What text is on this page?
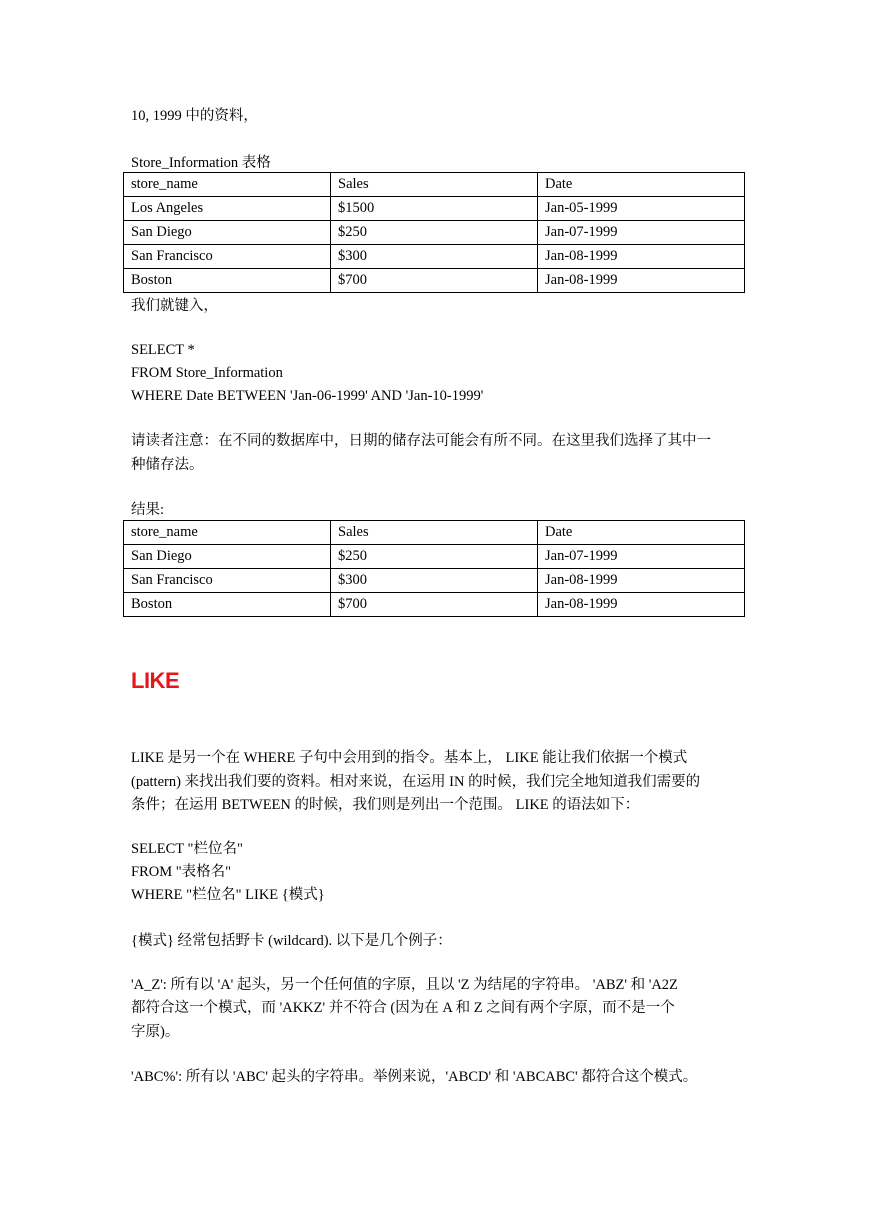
10, 1999 中的资料，
Store_Information 表格
store_name	Sales	Date
Los Angeles	$1500	Jan-05-1999
San Diego	$250	Jan-07-1999
San Francisco	$300	Jan-08-1999
Boston	$700	Jan-08-1999
我们就键入，
SELECT *
FROM Store_Information
WHERE Date BETWEEN 'Jan-06-1999' AND 'Jan-10-1999'
请读者注意：在不同的数据库中，日期的储存法可能会有所不同。在这里我们选择了其中一
种储存法。
结果:
store_name	Sales	Date
San Diego	$250	Jan-07-1999
San Francisco	$300	Jan-08-1999
Boston	$700	Jan-08-1999
LIKE
LIKE 是另一个在 WHERE 子句中会用到的指令。基本上， LIKE 能让我们依据一个模式
(pattern) 来找出我们要的资料。相对来说，在运用 IN 的时候，我们完全地知道我们需要的
条件；在运用 BETWEEN 的时候，我们则是列出一个范围。 LIKE 的语法如下：
SELECT "栏位名"
FROM "表格名"
WHERE "栏位名" LIKE {模式}
{模式} 经常包括野卡 (wildcard). 以下是几个例子：
'A_Z': 所有以 'A' 起头，另一个任何值的字原，且以 'Z 为结尾的字符串。 'ABZ' 和 'A2Z
都符合这一个模式，而 'AKKZ' 并不符合 (因为在 A 和 Z 之间有两个字原，而不是一个
字原)。
'ABC%': 所有以 'ABC' 起头的字符串。举例来说，'ABCD' 和 'ABCABC' 都符合这个模式。
